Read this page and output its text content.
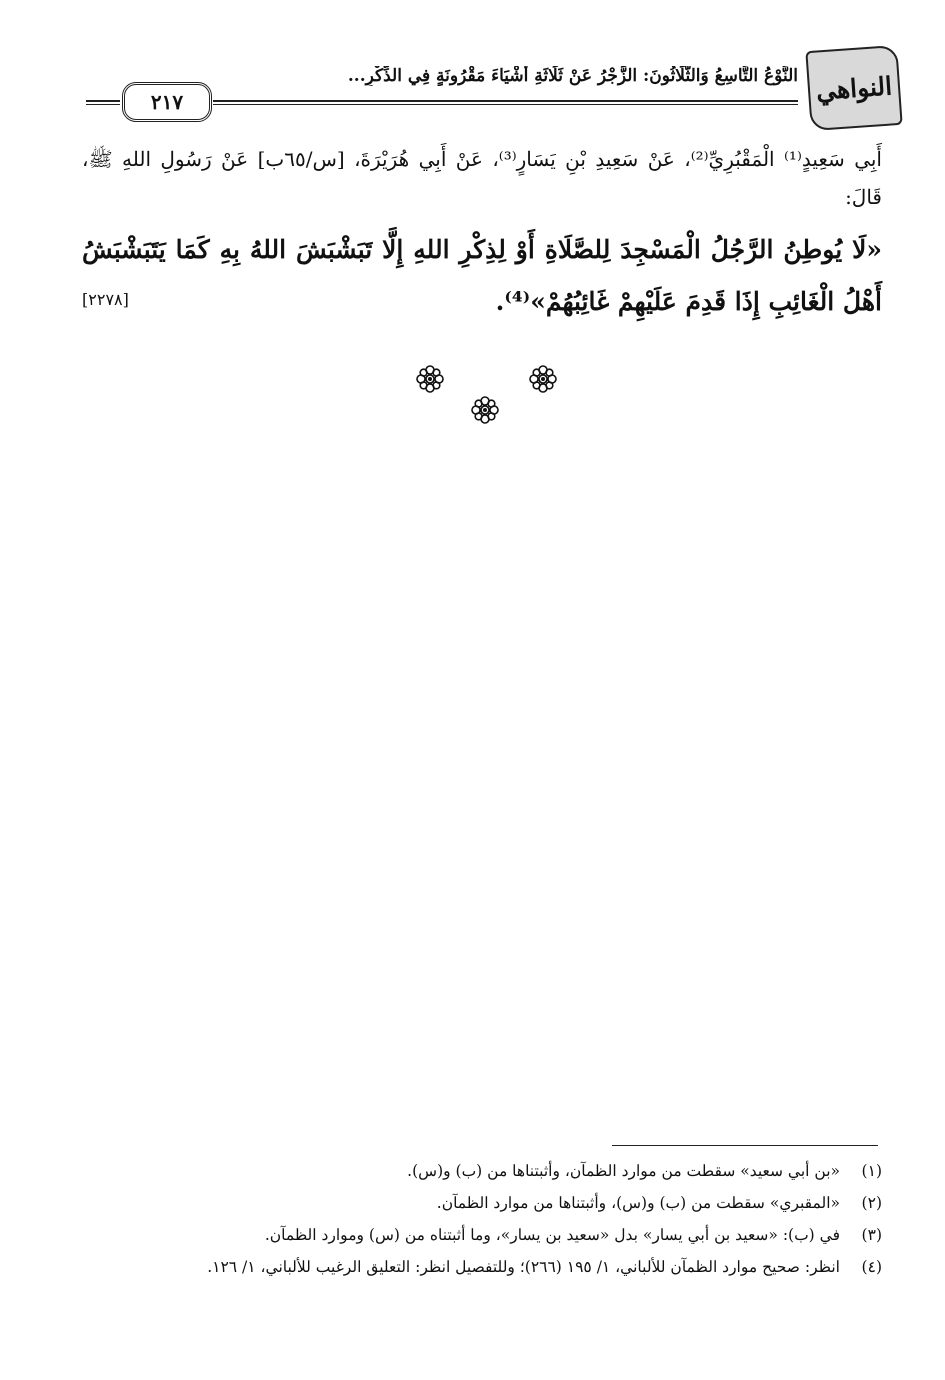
النواهي
النَّوْعُ التَّاسِعُ وَالثَّلَاثُونَ: الزَّجْرُ عَنْ ثَلَاثَةِ أَشْيَاءَ مَقْرُونَةٍ فِي الذِّكْرِ...
٢١٧
أَبِي سَعِيدٍ⁽¹⁾ الْمَقْبُرِيِّ⁽²⁾، عَنْ سَعِيدِ بْنِ يَسَارٍ⁽³⁾، عَنْ أَبِي هُرَيْرَةَ، [س/٦٥ب] عَنْ رَسُولِ اللهِ ﷺ، قَالَ:
«لَا يُوطِنُ الرَّجُلُ الْمَسْجِدَ لِلصَّلَاةِ أَوْ لِذِكْرِ اللهِ إِلَّا تَبَشْبَشَ اللهُ بِهِ كَمَا يَتَبَشْبَشُ أَهْلُ الْغَائِبِ إِذَا قَدِمَ عَلَيْهِمْ غَائِبُهُمْ»⁽⁴⁾.
[٢٢٧٨]
(١)
«بن أبي سعيد» سقطت من موارد الظمآن، وأثبتناها من (ب) و(س).
(٢)
«المقبري» سقطت من (ب) و(س)، وأثبتناها من موارد الظمآن.
(٣)
في (ب): «سعيد بن أبي يسار» بدل «سعيد بن يسار»، وما أثبتناه من (س) وموارد الظمآن.
(٤)
انظر: صحيح موارد الظمآن للألباني، ١/ ١٩٥ (٢٦٦)؛ وللتفصيل انظر: التعليق الرغيب للألباني، ١/ ١٢٦.
